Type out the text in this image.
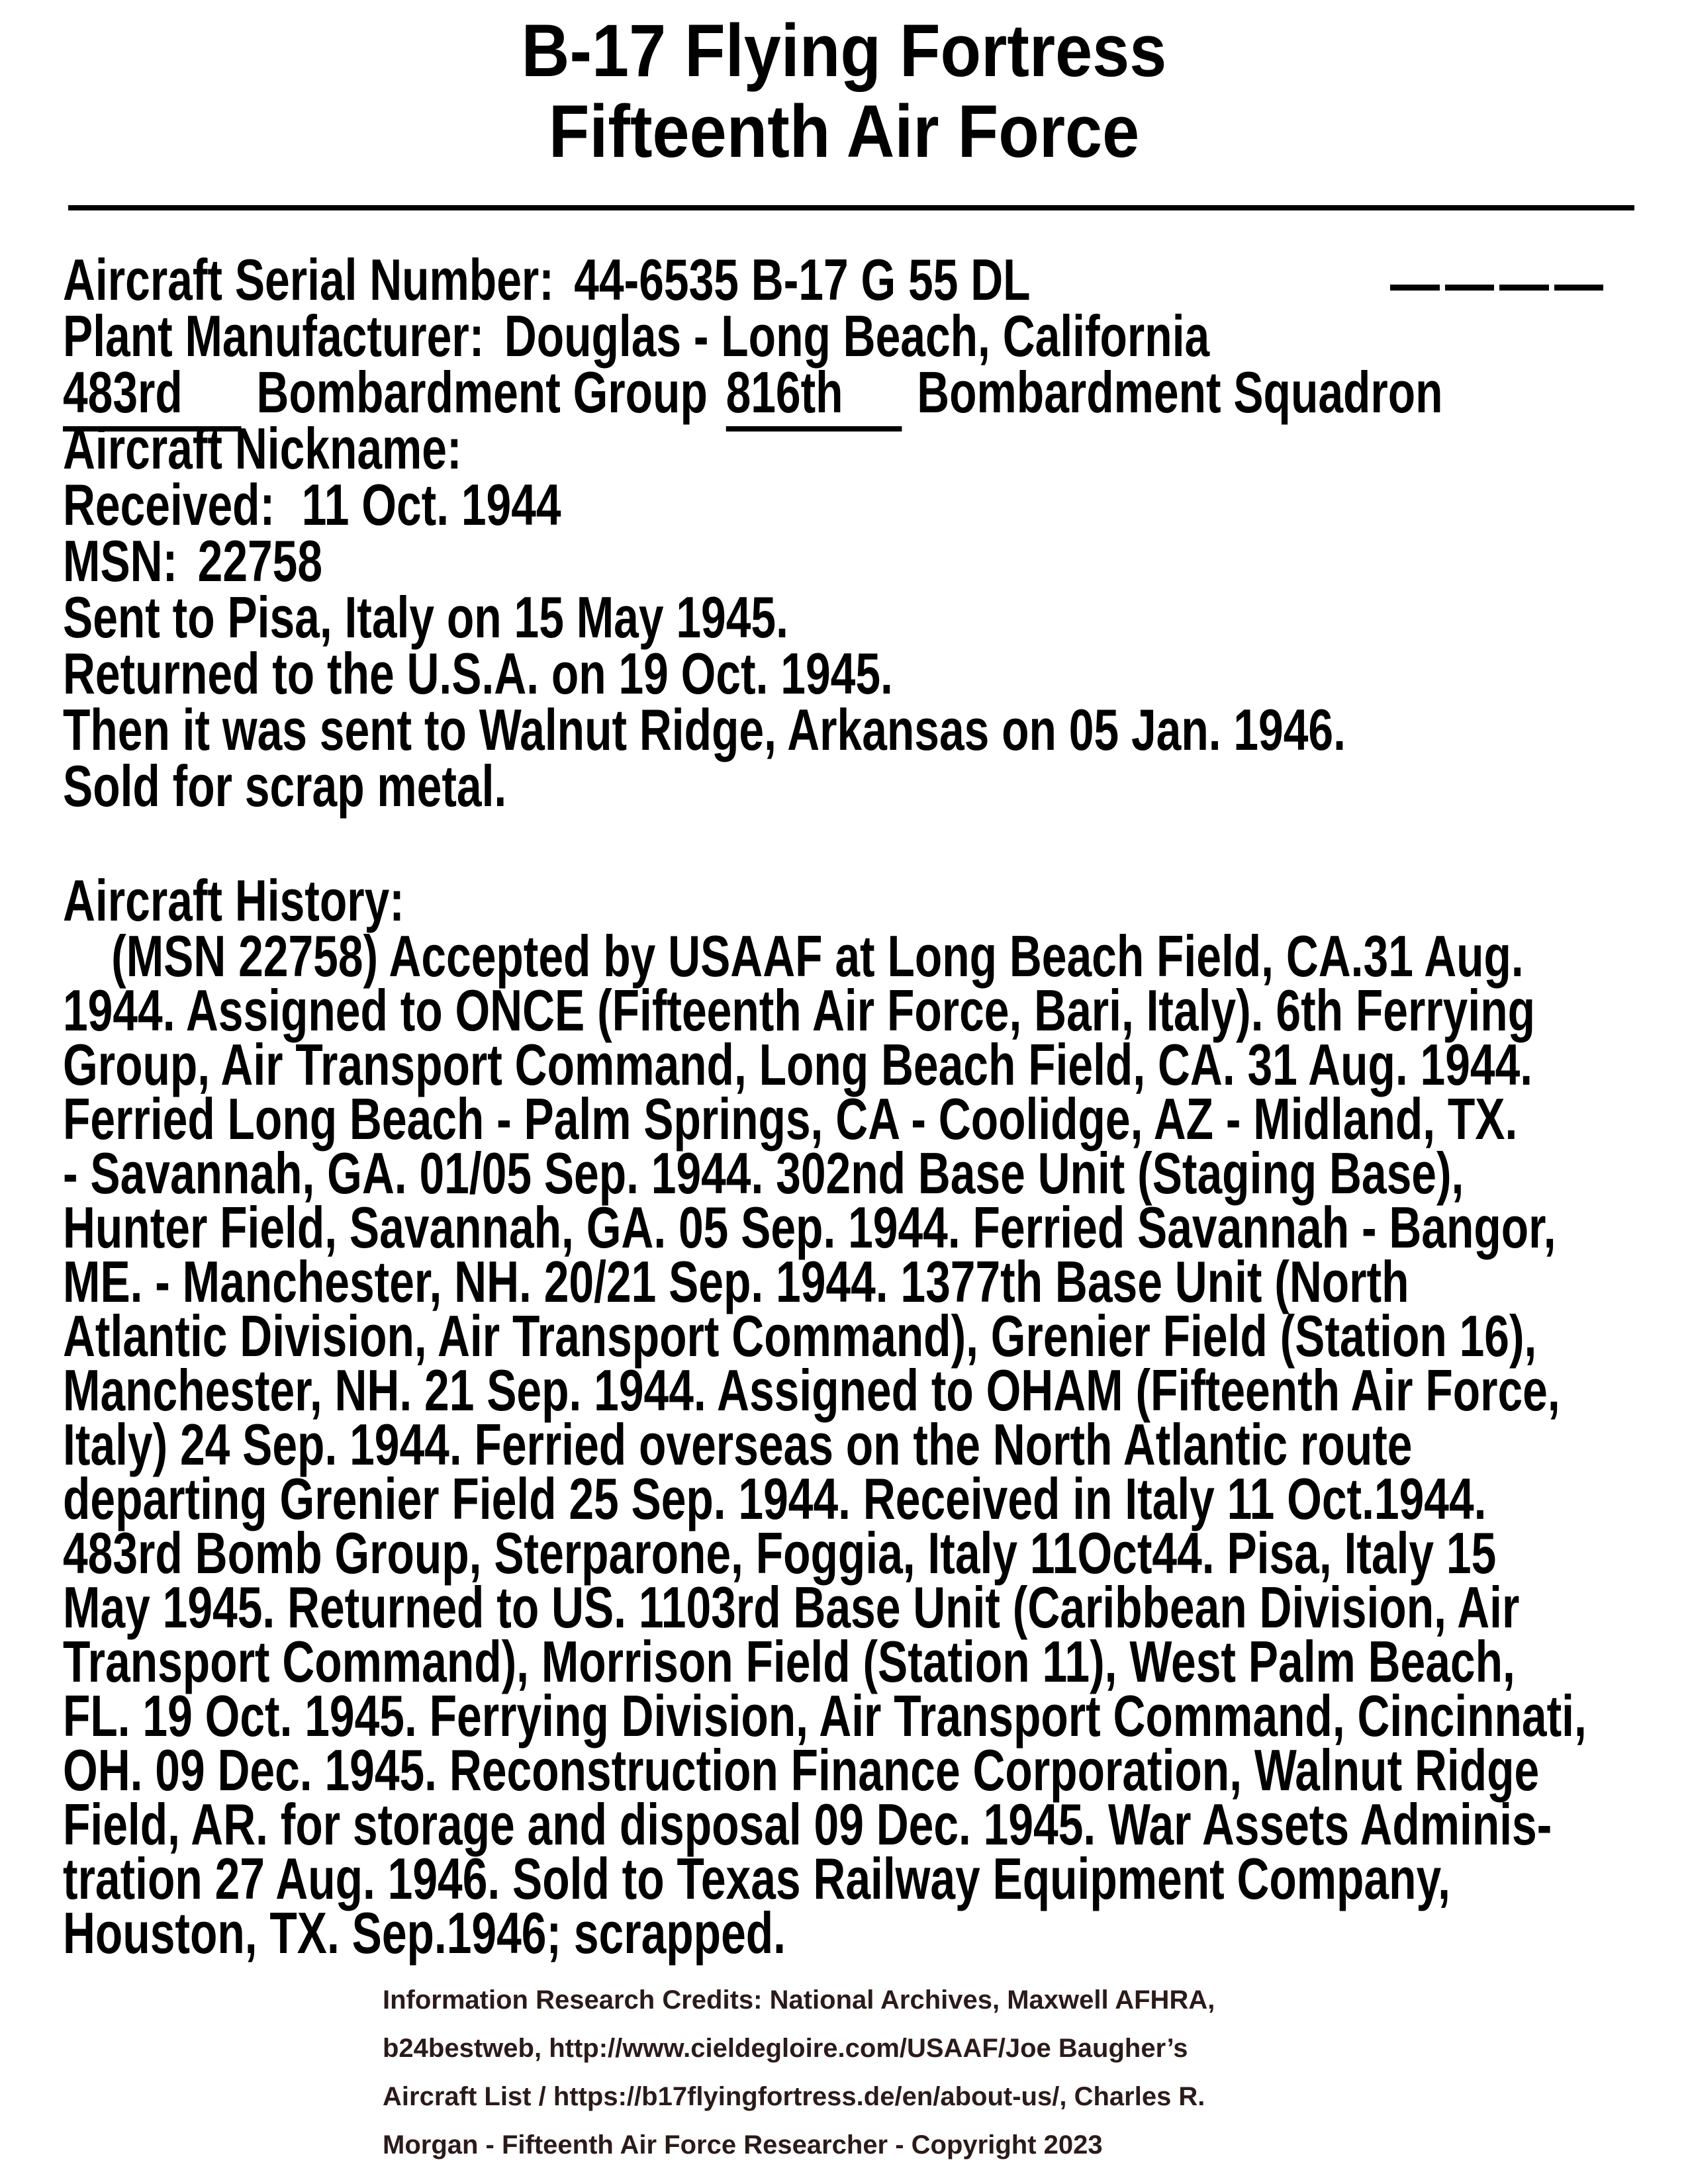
B-17 Flying Fortress
Fifteenth Air Force
Aircraft Serial Number: 44-6535 B-17 G 55 DL
Plant Manufacturer: Douglas - Long Beach, California
483rd Bombardment Group 816th Bombardment Squadron
Aircraft Nickname:
Received: 11 Oct. 1944
MSN: 22758
Sent to Pisa, Italy on 15 May 1945.
Returned to the U.S.A. on 19 Oct. 1945.
Then it was sent to Walnut Ridge, Arkansas on 05 Jan. 1946.
Sold for scrap metal.
Aircraft History:
(MSN 22758) Accepted by USAAF at Long Beach Field, CA.31 Aug.
1944. Assigned to ONCE (Fifteenth Air Force, Bari, Italy). 6th Ferrying
Group, Air Transport Command, Long Beach Field, CA. 31 Aug. 1944.
Ferried Long Beach - Palm Springs, CA - Coolidge, AZ - Midland, TX.
- Savannah, GA. 01/05 Sep. 1944. 302nd Base Unit (Staging Base),
Hunter Field, Savannah, GA. 05 Sep. 1944. Ferried Savannah - Bangor,
ME. - Manchester, NH. 20/21 Sep. 1944. 1377th Base Unit (North
Atlantic Division, Air Transport Command), Grenier Field (Station 16),
Manchester, NH. 21 Sep. 1944. Assigned to OHAM (Fifteenth Air Force,
Italy) 24 Sep. 1944. Ferried overseas on the North Atlantic route
departing Grenier Field 25 Sep. 1944. Received in Italy 11 Oct.1944.
483rd Bomb Group, Sterparone, Foggia, Italy 11Oct44. Pisa, Italy 15
May 1945. Returned to US. 1103rd Base Unit (Caribbean Division, Air
Transport Command), Morrison Field (Station 11), West Palm Beach,
FL. 19 Oct. 1945. Ferrying Division, Air Transport Command, Cincinnati,
OH. 09 Dec. 1945. Reconstruction Finance Corporation, Walnut Ridge
Field, AR. for storage and disposal 09 Dec. 1945. War Assets Adminis-
tration 27 Aug. 1946. Sold to Texas Railway Equipment Company,
Houston, TX. Sep.1946; scrapped.
Information Research Credits: National Archives, Maxwell AFHRA,
b24bestweb, http://www.cieldegloire.com/USAAF/Joe Baugher’s
Aircraft List / https://b17flyingfortress.de/en/about-us/, Charles R.
Morgan - Fifteenth Air Force Researcher - Copyright 2023
